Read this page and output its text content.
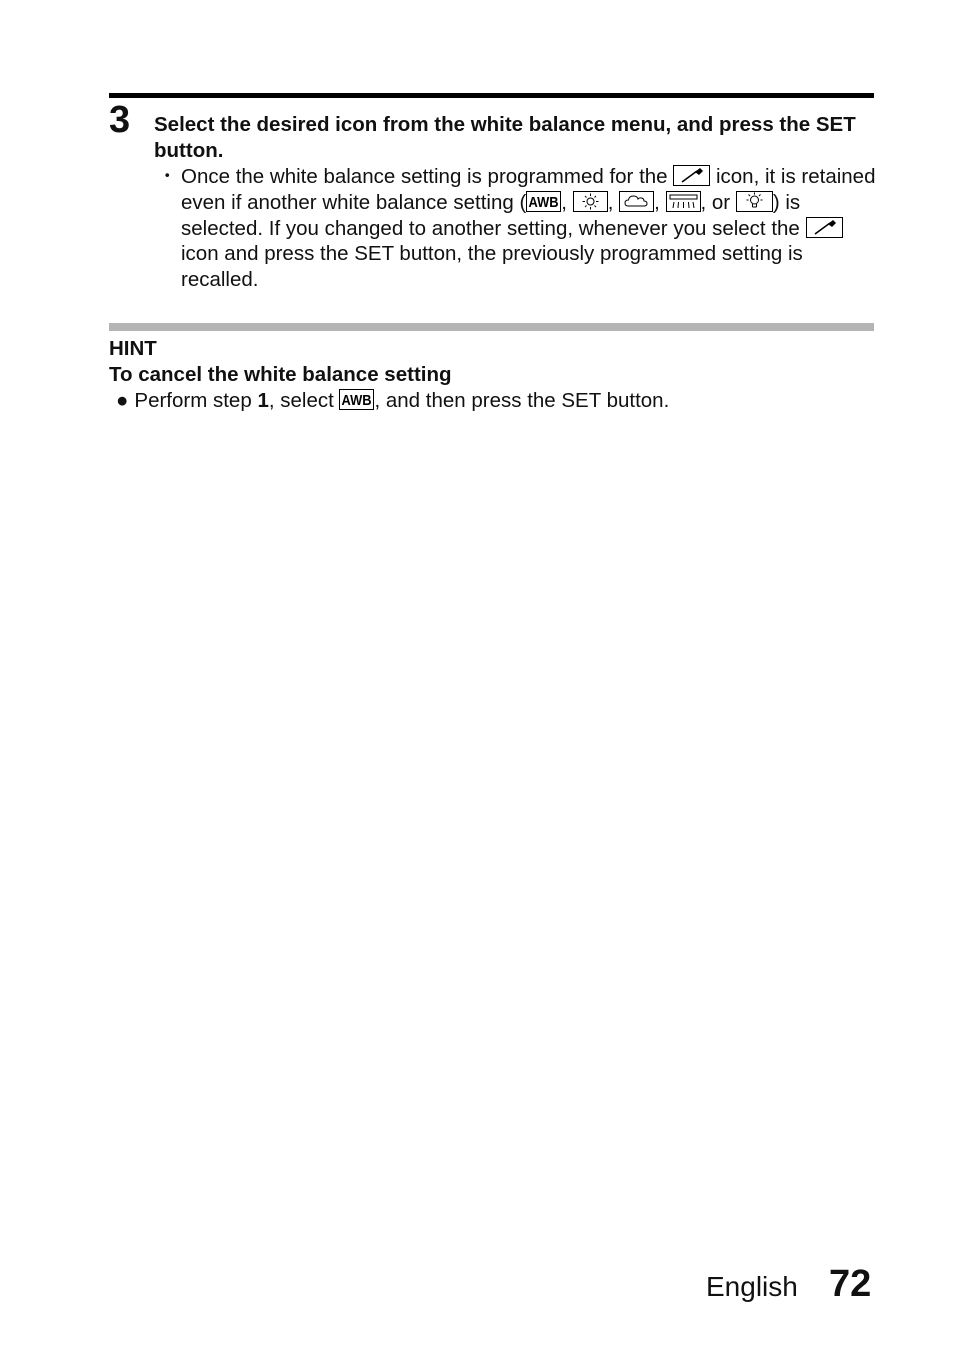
3 Select the desired icon from the white balance menu, and press the SET button.
・ Once the white balance setting is programmed for the
icon, it is retained even if another white balance setting ( AWB ,
,
,
, or
) is selected. If you changed to another setting, whenever you select the
icon and press the SET button, the previously programmed setting is recalled.
HINT
To cancel the white balance setting
● Perform step 1, select AWB , and then press the SET button.
English 72
